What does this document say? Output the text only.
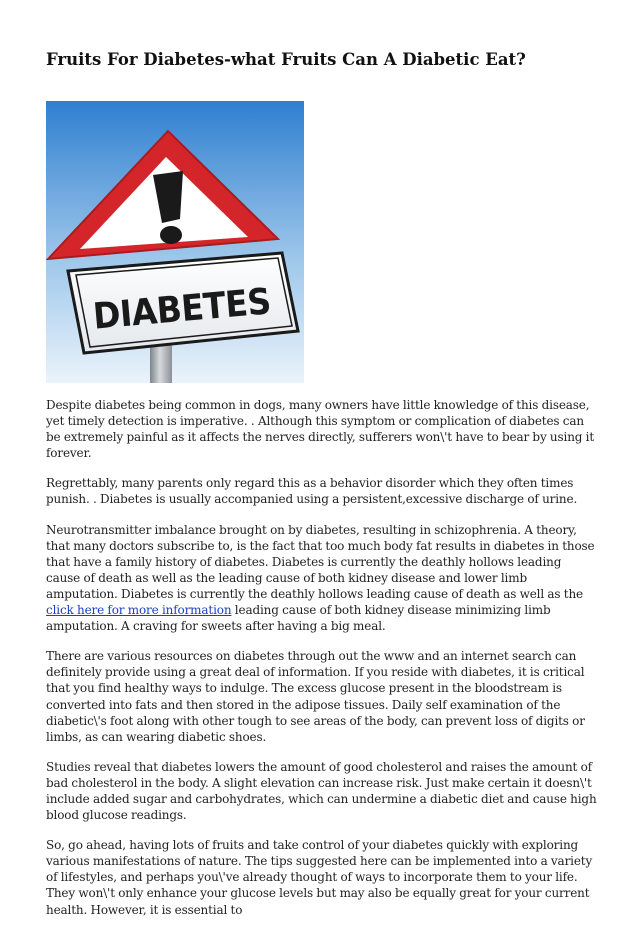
Fruits For Diabetes-what Fruits Can A Diabetic Eat?
DIABETES

Despite diabetes being common in dogs, many owners have little knowledge of this disease, yet timely detection is imperative. . Although this symptom or complication of diabetes can be extremely painful as it affects the nerves directly, sufferers won\'t have to bear by using it forever.

Regrettably, many parents only regard this as a behavior disorder which they often times punish. . Diabetes is usually accompanied using a persistent,excessive discharge of urine.

Neurotransmitter imbalance brought on by diabetes, resulting in schizophrenia. A theory, that many doctors subscribe to, is the fact that too much body fat results in diabetes in those that have a family history of diabetes. Diabetes is currently the deathly hollows leading cause of death as well as the leading cause of both kidney disease and lower limb amputation. Diabetes is currently the deathly hollows leading cause of death as well as the click here for more information leading cause of both kidney disease minimizing limb amputation. A craving for sweets after having a big meal.

There are various resources on diabetes through out the www and an internet search can definitely provide using a great deal of information. If you reside with diabetes, it is critical that you find healthy ways to indulge. The excess glucose present in the bloodstream is converted into fats and then stored in the adipose tissues. Daily self examination of the diabetic\'s foot along with other tough to see areas of the body, can prevent loss of digits or limbs, as can wearing diabetic shoes.

Studies reveal that diabetes lowers the amount of good cholesterol and raises the amount of bad cholesterol in the body. A slight elevation can increase risk. Just make certain it doesn\'t include added sugar and carbohydrates, which can undermine a diabetic diet and cause high blood glucose readings.

So, go ahead, having lots of fruits and take control of your diabetes quickly with exploring various manifestations of nature. The tips suggested here can be implemented into a variety of lifestyles, and perhaps you\'ve already thought of ways to incorporate them to your life. They won\'t only enhance your glucose levels but may also be equally great for your current health. However, it is essential to
